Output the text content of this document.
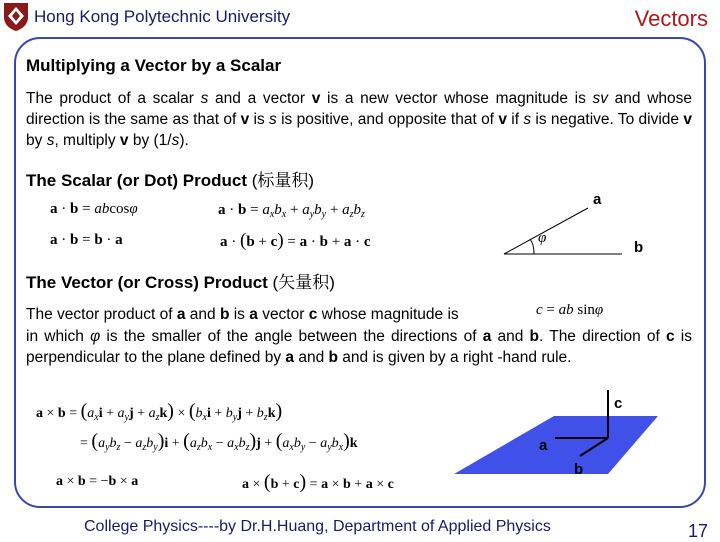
Hong Kong Polytechnic University	Vectors
Multiplying a Vector by a Scalar
The product of a scalar s and a vector v is a new vector whose magnitude is sv and whose direction is the same as that of v is s is positive, and opposite that of v if s is negative. To divide v by s, multiply v by (1/s).
The Scalar (or Dot) Product (标量积)
a · b = abcosφ	$a \cdot b = a_xb_x + a_yb_y + a_zb_z$
a · b = b · a	a · (b + c) = a · b + a · c
a
b
φ
The Vector (or Cross) Product (矢量积)
The vector product of a and b is a vector c whose magnitude is	c = ab sinφ
in which φ is the smaller of the angle between the directions of a and b. The direction of c is perpendicular to the plane defined by a and b and is given by a right -hand rule.
$a \times b = (a_xi + a_yj + a_zk) \times (b_xi + b_yj + b_zk)$
= $(a_yb_z - a_zb_y)i + (a_zb_x - a_xb_z)j + (a_xb_y - a_yb_x)k$
a × b = −b × a	a × (b + c) = a × b + a × c
c
a
b
College Physics----by Dr.H.Huang, Department of Applied Physics	17
